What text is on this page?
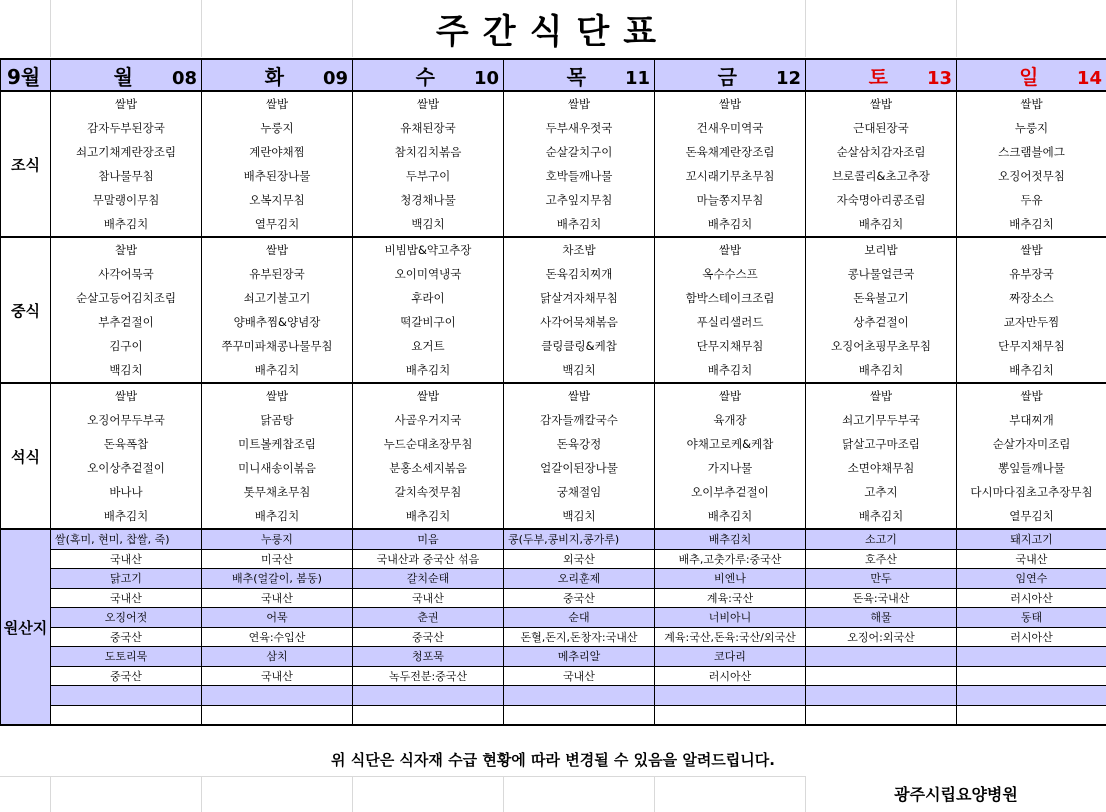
주간식단표
9월	월 08	화 09	수 10	목 11	금 12	토 13	일 14
조식	쌀밥	쌀밥	쌀밥	쌀밥	쌀밥	쌀밥	쌀밥
	감자두부된장국	누룽지	유채된장국	두부새우젓국	건새우미역국	근대된장국	누룽지
	쇠고기채계란장조림	계란야채찜	참치김치볶음	순살갈치구이	돈육채계란장조림	순살삼치감자조림	스크램블에그
	참나물무침	배추된장나물	두부구이	호박들깨나물	꼬시래기무초무침	브로콜리&초고추장	오징어젓무침
	무말랭이무침	오복지무침	청경채나물	고추잎지무침	마늘쫑지무침	자숙명아리콩조림	두유
	배추김치	열무김치	백김치	배추김치	배추김치	배추김치	배추김치
중식	찰밥	쌀밥	비빔밥&약고추장	차조밥	쌀밥	보리밥	쌀밥
	사각어묵국	유부된장국	오이미역냉국	돈육김치찌개	옥수수스프	콩나물얼큰국	유부장국
	순살고등어김치조림	쇠고기불고기	후라이	닭살겨자채무침	함박스테이크조림	돈육불고기	짜장소스
	부추겉절이	양배추찜&양념장	떡갈비구이	사각어묵채볶음	푸실리샐러드	상추겉절이	교자만두찜
	김구이	쭈꾸미파채콩나물무침	요거트	클링클링&케찹	단무지채무침	오징어초핑무초무침	단무지채무침
	백김치	배추김치	배추김치	백김치	배추김치	배추김치	배추김치
석식	쌀밥	쌀밥	쌀밥	쌀밥	쌀밥	쌀밥	쌀밥
	오징어무두부국	닭곰탕	사골우거지국	감자들깨칼국수	육개장	쇠고기무두부국	부대찌개
	돈육폭찹	미트볼케찹조림	누드순대초장무침	돈육강정	야채고로케&케찹	닭살고구마조림	순살가자미조림
	오이상추겉절이	미니새송이볶음	분홍소세지볶음	얼갈이된장나물	가지나물	소면야채무침	뽕잎들깨나물
	바나나	톳무채초무침	갈치속젓무침	궁채절임	오이부추겉절이	고추지	다시마다짐초고추장무침
	배추김치	배추김치	배추김치	백김치	배추김치	배추김치	열무김치
원산지	쌀(혹미, 현미, 찹쌀, 죽)	누룽지	미음	콩(두부,콩비지,콩가루)	배추김치	소고기	돼지고기
	국내산	미국산	국내산과 중국산 섞음	외국산	배추,고춧가루:중국산	호주산	국내산
	닭고기	배추(얼갈이, 봄동)	갈치순태	오리훈제	비엔나	만두	임연수
	국내산	국내산	국내산	중국산	계육:국산	돈육:국내산	러시아산
	오징어젓	어묵	춘권	순대	너비아니	해물	동태
	중국산	연육:수입산	중국산	돈혈,돈지,돈창자:국내산	계육:국산,돈육:국산/외국산	오징어:외국산	러시아산
	도토리묵	삼치	청포묵	메추리알	코다리		
	중국산	국내산	녹두전분:중국산	국내산	러시아산		

위 식단은 식자재 수급 현황에 따라 변경될 수 있음을 알려드립니다.
광주시립요양병원
